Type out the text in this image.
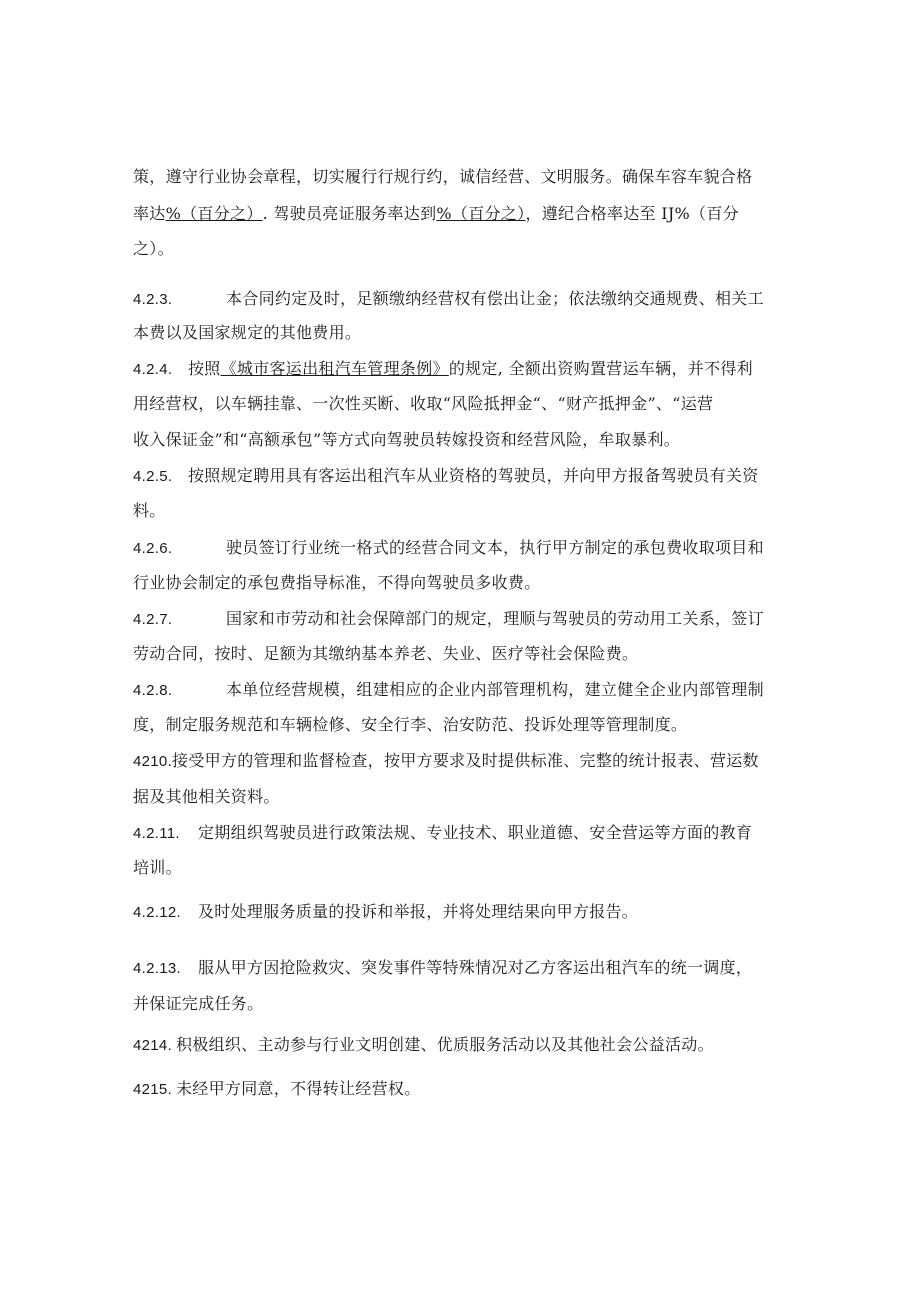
策，遵守行业协会章程，切实履行行规行约，诚信经营、文明服务。确保车容车貌合格
率达%（百分之）. 驾驶员亮证服务率达到%（百分之），遵纪合格率达至 IJ%（百分
之）。
4.2.3.	本合同约定及时，足额缴纳经营权有偿出让金；依法缴纳交通规费、相关工
本费以及国家规定的其他费用。
4.2.4. 按照《城市客运出租汽车管理条例》的规定, 全额出资购置营运车辆，并不得利
用经营权，以车辆挂靠、一次性买断、收取“风险抵押金“、“财产抵押金”、“运营
收入保证金”和“高额承包”等方式向驾驶员转嫁投资和经营风险，牟取暴利。
4.2.5. 按照规定聘用具有客运出租汽车从业资格的驾驶员，并向甲方报备驾驶员有关资
料。
4.2.6.	驶员签订行业统一格式的经营合同文本，执行甲方制定的承包费收取项目和
行业协会制定的承包费指导标准，不得向驾驶员多收费。
4.2.7.	国家和市劳动和社会保障部门的规定，理顺与驾驶员的劳动用工关系，签订
劳动合同，按时、足额为其缴纳基本养老、失业、医疗等社会保险费。
4.2.8.	本单位经营规模，组建相应的企业内部管理机构，建立健全企业内部管理制
度，制定服务规范和车辆检修、安全行李、治安防范、投诉处理等管理制度。
4210.接受甲方的管理和监督检查，按甲方要求及时提供标准、完整的统计报表、营运数
据及其他相关资料。
4.2.11. 定期组织驾驶员进行政策法规、专业技术、职业道德、安全营运等方面的教育
培训。
4.2.12. 及时处理服务质量的投诉和举报，并将处理结果向甲方报告。
4.2.13. 服从甲方因抢险救灾、突发事件等特殊情况对乙方客运出租汽车的统一调度，
并保证完成任务。
4214. 积极组织、主动参与行业文明创建、优质服务活动以及其他社会公益活动。
4215. 未经甲方同意，不得转让经营权。
